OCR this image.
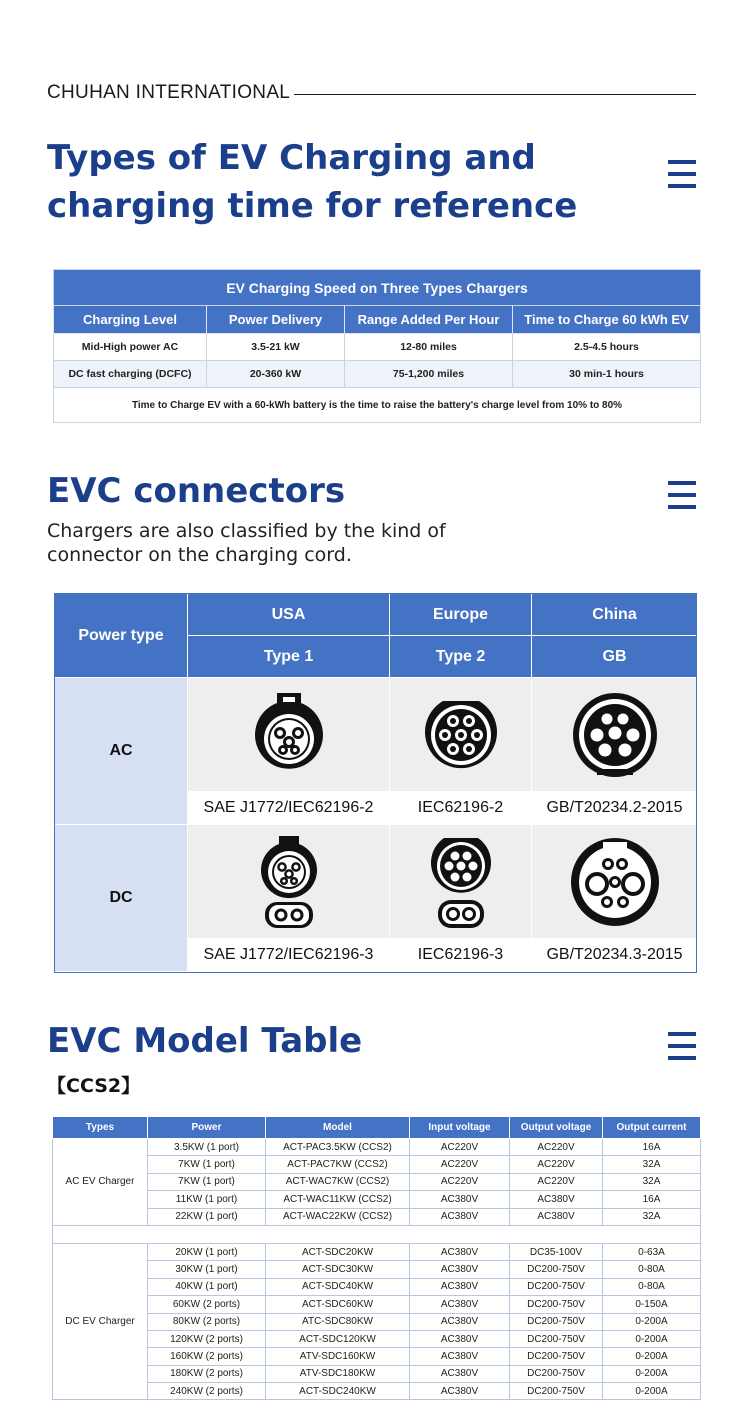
CHUHAN INTERNATIONAL
Types of EV Charging and charging time for reference
EV Charging Speed on Three Types Chargers			
Charging Level	Power Delivery	Range Added Per Hour	Time to Charge 60 kWh EV
Mid-High power AC	3.5-21 kW	12-80 miles	2.5-4.5 hours
DC fast charging (DCFC)	20-360 kW	75-1,200 miles	30 min-1 hours
Time to Charge EV with a 60-kWh battery is the time to raise the battery's charge level from 10% to 80%			
EVC connectors

Chargers are also classified by the kind of connector on the charging cord.

Power type	USA	Europe	China
	Type 1	Type 2	GB
AC	

	SAE J1772/IEC62196-2	IEC62196-2	GB/T20234.2-2015
DC	

	SAE J1772/IEC62196-3	IEC62196-3	GB/T20234.3-2015
EVC Model Table
【CCS2】
Types	Power	Model	Input voltage	Output voltage	Output current
AC EV Charger	3.5KW (1 port)	ACT-PAC3.5KW (CCS2)	AC220V	AC220V	16A
	7KW (1 port)	ACT-PAC7KW (CCS2)	AC220V	AC220V	32A
	7KW (1 port)	ACT-WAC7KW (CCS2)	AC220V	AC220V	32A
	11KW (1 port)	ACT-WAC11KW (CCS2)	AC380V	AC380V	16A
	22KW (1 port)	ACT-WAC22KW (CCS2)	AC380V	AC380V	32A

DC EV Charger	20KW (1 port)	ACT-SDC20KW	AC380V	DC35-100V	0-63A
	30KW (1 port)	ACT-SDC30KW	AC380V	DC200-750V	0-80A
	40KW (1 port)	ACT-SDC40KW	AC380V	DC200-750V	0-80A
	60KW (2 ports)	ACT-SDC60KW	AC380V	DC200-750V	0-150A
	80KW (2 ports)	ATC-SDC80KW	AC380V	DC200-750V	0-200A
	120KW (2 ports)	ACT-SDC120KW	AC380V	DC200-750V	0-200A
	160KW (2 ports)	ATV-SDC160KW	AC380V	DC200-750V	0-200A
	180KW (2 ports)	ATV-SDC180KW	AC380V	DC200-750V	0-200A
	240KW (2 ports)	ACT-SDC240KW	AC380V	DC200-750V	0-200A
